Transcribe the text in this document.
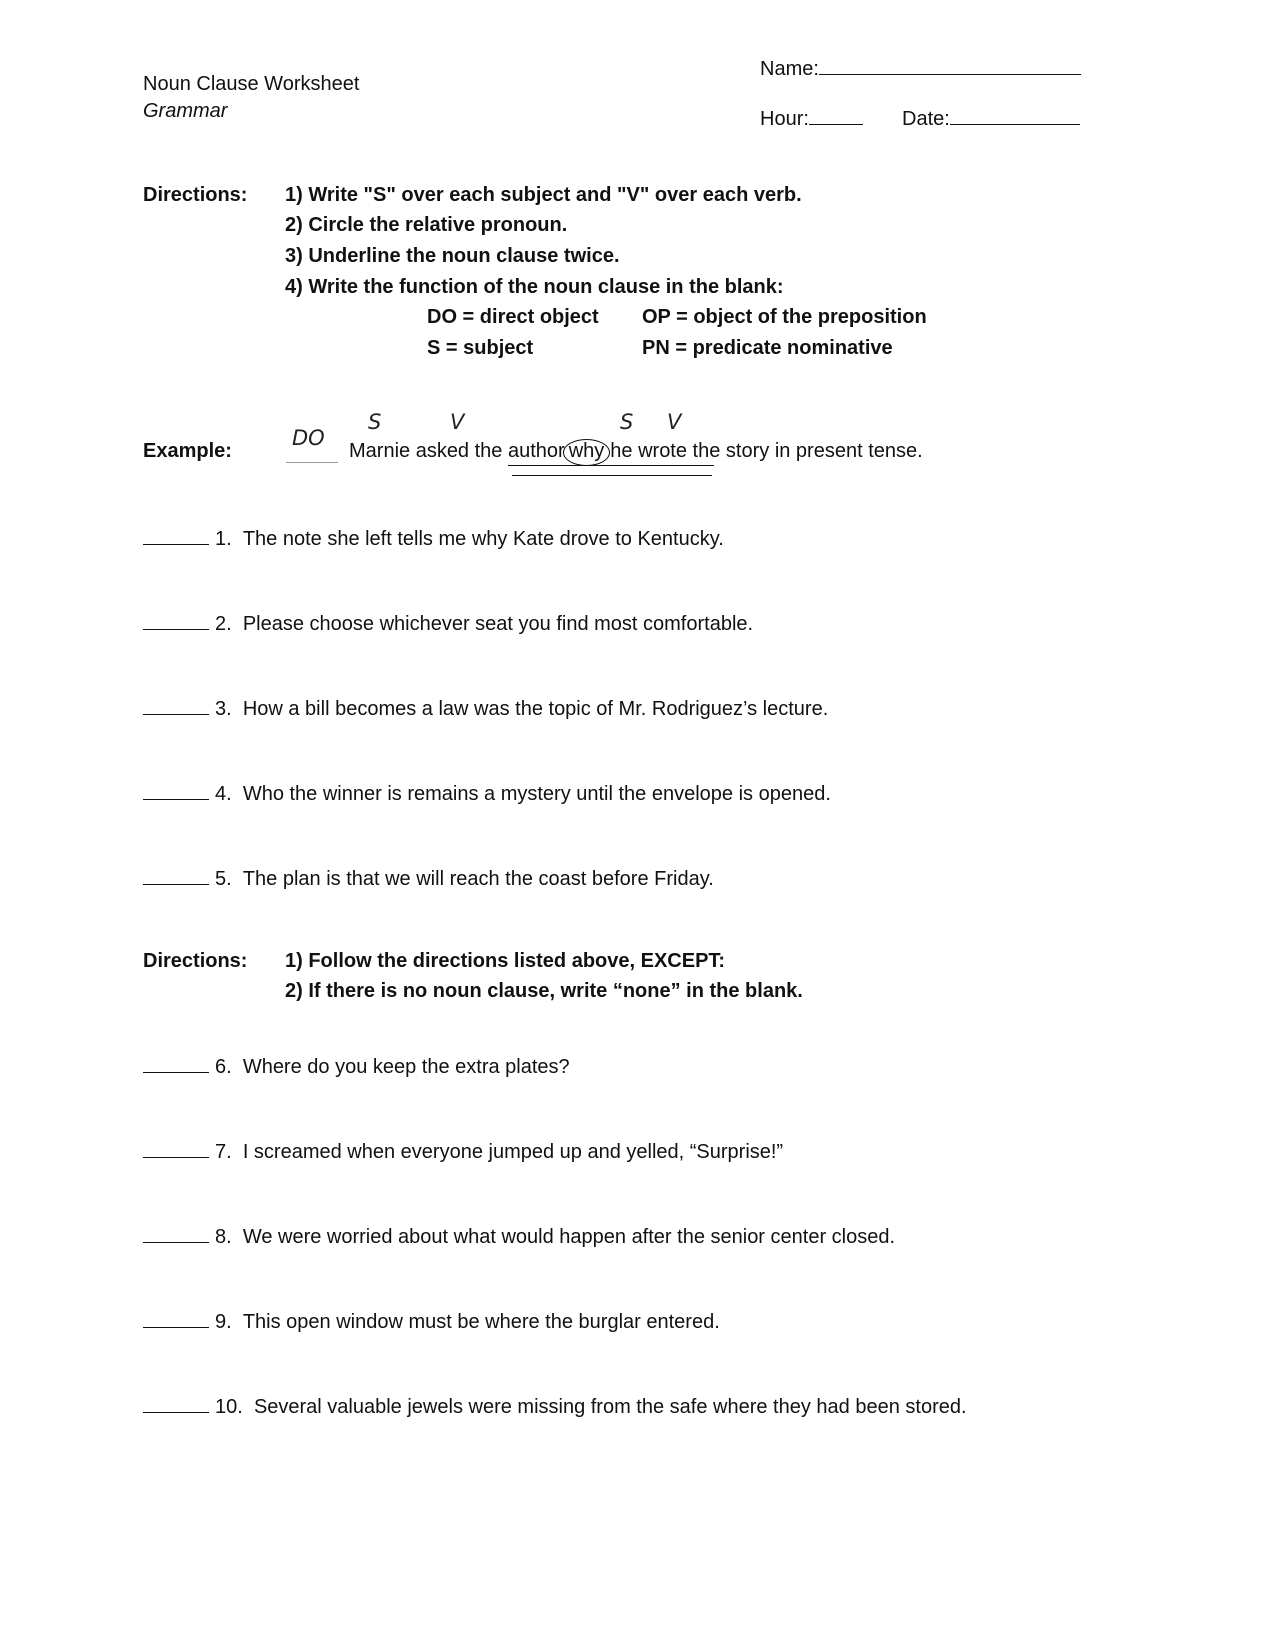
Noun Clause Worksheet
Grammar
Name:
Hour:	Date:
Directions: 1) Write "S" over each subject and "V" over each verb.
2) Circle the relative pronoun.
3) Underline the noun clause twice.
4) Write the function of the noun clause in the blank:
DO = direct object OP = object of the preposition
S = subject	PN = predicate nominative
Example:
DO
S	V	S V
Marnie asked the author why he wrote the story in present tense.
1. The note she left tells me why Kate drove to Kentucky.
2. Please choose whichever seat you find most comfortable.
3. How a bill becomes a law was the topic of Mr. Rodriguez’s lecture.
4. Who the winner is remains a mystery until the envelope is opened.
5. The plan is that we will reach the coast before Friday.
Directions: 1) Follow the directions listed above, EXCEPT:
2) If there is no noun clause, write “none” in the blank.
6. Where do you keep the extra plates?
7. I screamed when everyone jumped up and yelled, “Surprise!”
8. We were worried about what would happen after the senior center closed.
9. This open window must be where the burglar entered.
10. Several valuable jewels were missing from the safe where they had been stored.
